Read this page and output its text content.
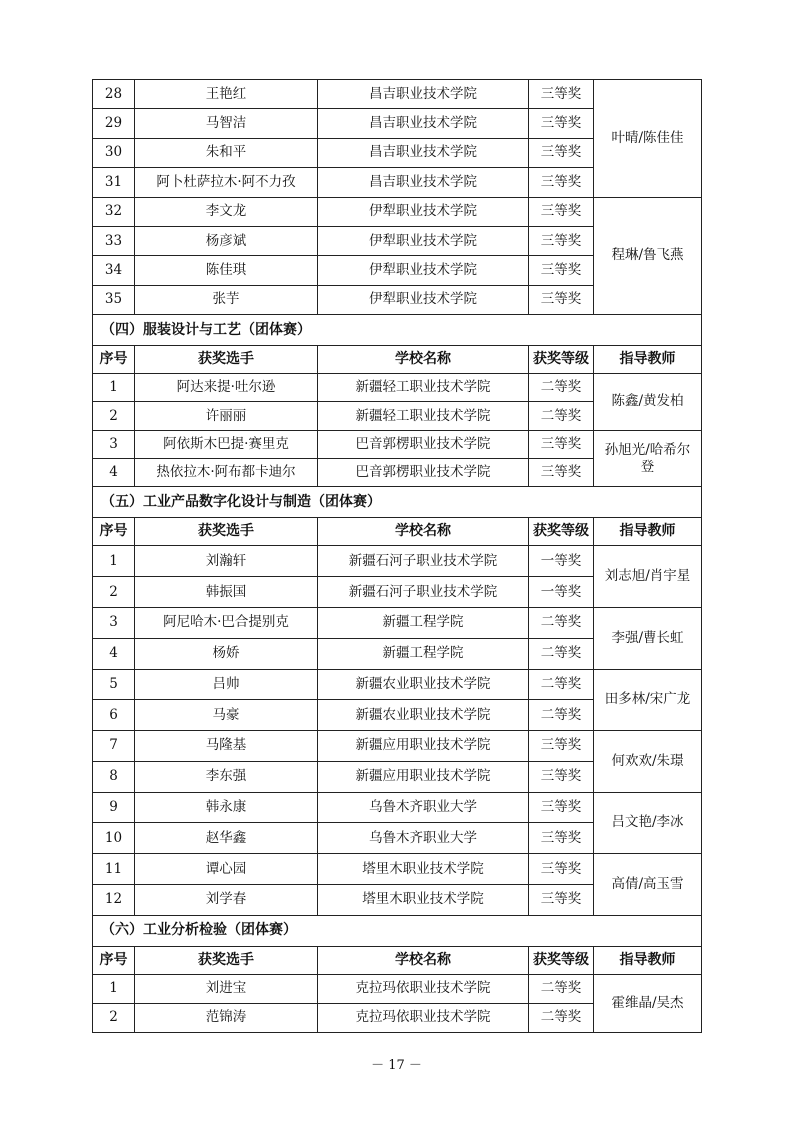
28	王艳红	昌吉职业技术学院	三等奖	叶晴/陈佳佳
29	马智洁	昌吉职业技术学院	三等奖	
30	朱和平	昌吉职业技术学院	三等奖	
31	阿卜杜萨拉木·阿不力孜	昌吉职业技术学院	三等奖	
32	李文龙	伊犁职业技术学院	三等奖	程琳/鲁飞燕
33	杨彦斌	伊犁职业技术学院	三等奖	
34	陈佳琪	伊犁职业技术学院	三等奖	
35	张芋	伊犁职业技术学院	三等奖	
（四）服装设计与工艺（团体赛）				
序号	获奖选手	学校名称	获奖等级	指导教师
1	阿达来提·吐尔逊	新疆轻工职业技术学院	二等奖	陈鑫/黄发柏
2	许丽丽	新疆轻工职业技术学院	二等奖	
3	阿依斯木巴提·赛里克	巴音郭楞职业技术学院	三等奖	孙旭光/哈希尔登
4	热依拉木·阿布都卡迪尔	巴音郭楞职业技术学院	三等奖	
（五）工业产品数字化设计与制造（团体赛）				
序号	获奖选手	学校名称	获奖等级	指导教师
1	刘瀚轩	新疆石河子职业技术学院	一等奖	刘志旭/肖宇星
2	韩振国	新疆石河子职业技术学院	一等奖	
3	阿尼哈木·巴合提别克	新疆工程学院	二等奖	李强/曹长虹
4	杨娇	新疆工程学院	二等奖	
5	吕帅	新疆农业职业技术学院	二等奖	田多林/宋广龙
6	马豪	新疆农业职业技术学院	二等奖	
7	马隆基	新疆应用职业技术学院	三等奖	何欢欢/朱璟
8	李东强	新疆应用职业技术学院	三等奖	
9	韩永康	乌鲁木齐职业大学	三等奖	吕文艳/李冰
10	赵华鑫	乌鲁木齐职业大学	三等奖	
11	谭心园	塔里木职业技术学院	三等奖	高倩/高玉雪
12	刘学春	塔里木职业技术学院	三等奖	
（六）工业分析检验（团体赛）				
序号	获奖选手	学校名称	获奖等级	指导教师
1	刘进宝	克拉玛依职业技术学院	二等奖	霍维晶/吴杰
2	范锦涛	克拉玛依职业技术学院	二等奖	
－ 17 －
